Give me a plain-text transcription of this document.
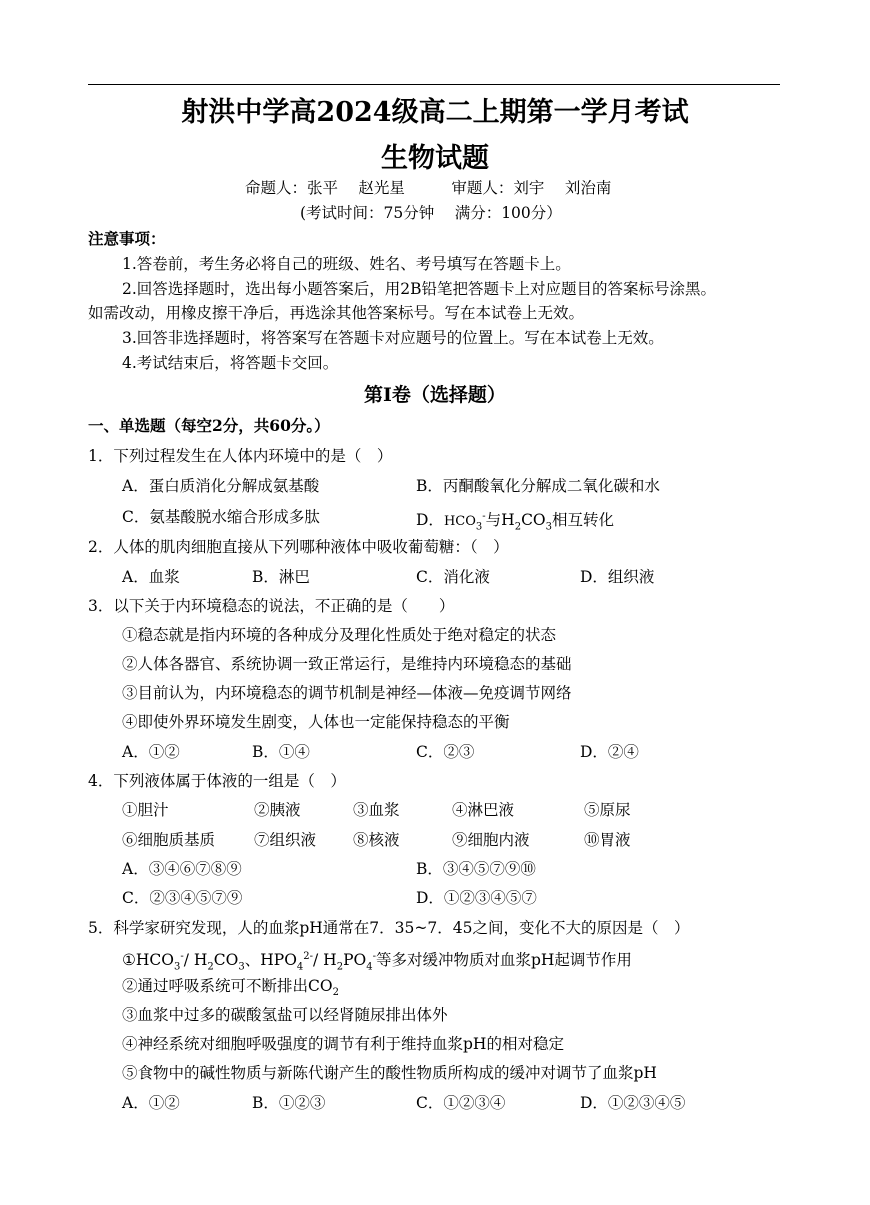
射洪中学高2024级高二上期第一学月考试
生物试题
命题人：张平　 赵光星　　　审题人：刘宇　 刘治南
(考试时间：75分钟　 满分：100分）
注意事项：
1.答卷前，考生务必将自己的班级、姓名、考号填写在答题卡上。
2.回答选择题时，选出每小题答案后，用2B铅笔把答题卡上对应题目的答案标号涂黑。
如需改动，用橡皮擦干净后，再选涂其他答案标号。写在本试卷上无效。
3.回答非选择题时，将答案写在答题卡对应题号的位置上。写在本试卷上无效。
4.考试结束后，将答题卡交回。
第I卷（选择题）
一、单选题（每空2分，共60分。）
1．下列过程发生在人体内环境中的是（　）
A．蛋白质消化分解成氨基酸	B．丙酮酸氧化分解成二氧化碳和水
C．氨基酸脱水缩合形成多肽	D．$HCO_3^-$与$H_2CO_3$相互转化
2．人体的肌肉细胞直接从下列哪种液体中吸收葡萄糖：（　）
A．血浆	B．淋巴	C．消化液	D．组织液
3．以下关于内环境稳态的说法，不正确的是（　　）
①稳态就是指内环境的各种成分及理化性质处于绝对稳定的状态
②人体各器官、系统协调一致正常运行，是维持内环境稳态的基础
③目前认为，内环境稳态的调节机制是神经—体液—免疫调节网络
④即使外界环境发生剧变，人体也一定能保持稳态的平衡
A．①②	B．①④	C．②③	D．②④
4．下列液体属于体液的一组是（　）
①胆汁	②胰液	③血浆	④淋巴液	⑤原尿
⑥细胞质基质	⑦组织液 ⑧核液	⑨细胞内液	⑩胃液
A．③④⑥⑦⑧⑨	B．③④⑤⑦⑨⑩
C．②③④⑤⑦⑨	D．①②③④⑤⑦
5．科学家研究发现，人的血浆pH通常在7．35~7．45之间，变化不大的原因是（　）
$①HCO_3^-/$ $H_2CO_3$、$HPO_4^{2-}/$ $H_2PO_4^-$等多对缓冲物质对血浆pH起调节作用
②通过呼吸系统可不断排出$CO_2$
③血浆中过多的碳酸氢盐可以经肾随尿排出体外
④神经系统对细胞呼吸强度的调节有利于维持血浆pH的相对稳定
⑤食物中的碱性物质与新陈代谢产生的酸性物质所构成的缓冲对调节了血浆pH
A．①②	B．①②③	C．①②③④	D．①②③④⑤
